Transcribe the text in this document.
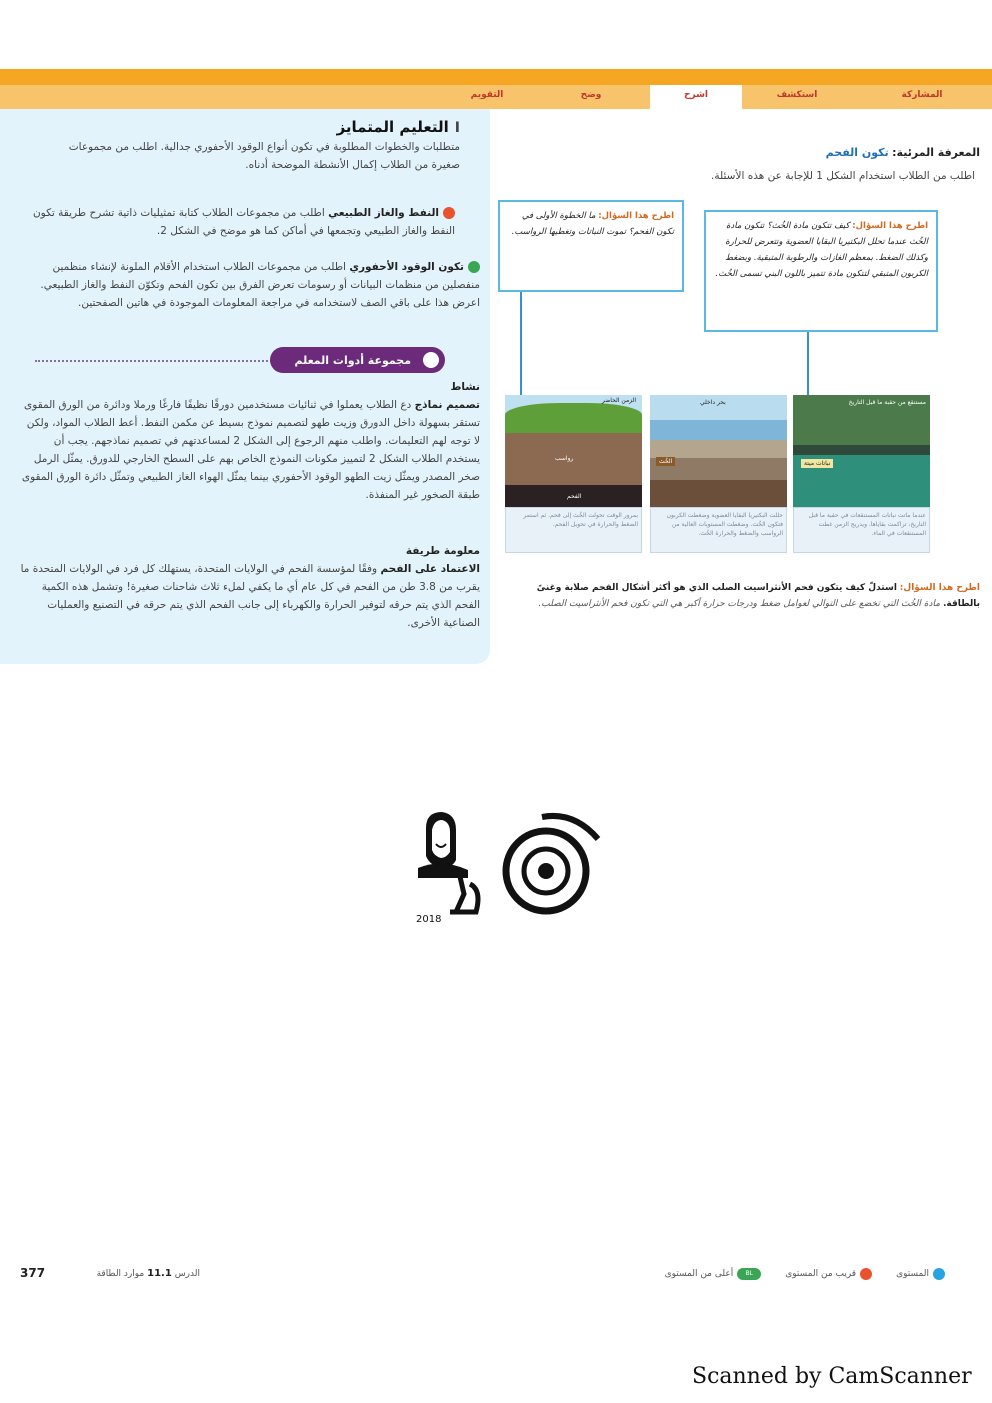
المشاركة
استكشف
اشرح
وضح
التقويم
Iالتعليم المتمايز
متطلبات والخطوات المطلوبة في تكون أنواع الوقود الأحفوري جدالية. اطلب من مجموعات صغيرة من الطلاب إكمال الأنشطة الموضحة أدناه.
النفط والغاز الطبيعي اطلب من مجموعات الطلاب كتابة تمثيليات ذاتية تشرح طريقة تكون النفط والغاز الطبيعي وتجمعها في أماكن كما هو موضح في الشكل 2.
تكون الوقود الأحفوري اطلب من مجموعات الطلاب استخدام الأقلام الملونة لإنشاء منظمين منفصلين من منظمات البيانات أو رسومات تعرض الفرق بين تكون الفحم وتكوّن النفط والغاز الطبيعي. اعرض هذا على باقي الصف لاستخدامه في مراجعة المعلومات الموجودة في هاتين الصفحتين.
مجموعة أدوات المعلم
نشاط
تصميم نماذج دع الطلاب يعملوا في ثنائيات مستخدمين دورقًا نظيفًا فارغًا ورملا ودائرة من الورق المقوى تستقر بسهولة داخل الدورق وزيت طهو لتصميم نموذج بسيط عن مكمن النفط. أعط الطلاب المواد، ولكن لا توجه لهم التعليمات. واطلب منهم الرجوع إلى الشكل 2 لمساعدتهم في تصميم نماذجهم. يجب أن يستخدم الطلاب الشكل 2 لتمييز مكونات النموذج الخاص بهم على السطح الخارجي للدورق. يمثّل الرمل صخر المصدر ويمثّل زيت الطهو الوقود الأحفوري بينما يمثّل الهواء الغاز الطبيعي وتمثّل دائرة الورق المقوى طبقة الصخور غير المنفذة.
معلومة طريفة
الاعتماد على الفحم وفقًا لمؤسسة الفحم في الولايات المتحدة، يستهلك كل فرد في الولايات المتحدة ما يقرب من 3.8 طن من الفحم في كل عام أي ما يكفي لملء ثلاث شاحنات صغيرة! وتشمل هذه الكمية الفحم الذي يتم حرقه لتوفير الحرارة والكهرباء إلى جانب الفحم الذي يتم حرقه في التصنيع والعمليات الصناعية الأخرى.
المعرفة المرئية: تكون الفحم
اطلب من الطلاب استخدام الشكل 1 للإجابة عن هذه الأسئلة.
اطرح هذا السؤال: ما الخطوة الأولى في تكون الفحم؟ تموت النباتات وتغطيها الرواسب.
اطرح هذا السؤال: كيف تتكون مادة الخُث؟ تتكون مادة الخُث عندما تحلل البكتيريا البقايا العضوية وتتعرض للحرارة وكذلك الضغط. بمعظم الغازات والرطوبة المتبقية. وبضغط الكربون المتبقي لتتكون مادة تتميز باللون البني تسمى الخُث.
الزمن الحاضر
رواسب
الفحم
بمرور الوقت تحولت الخُث إلى فحم. ثم استمر الضغط والحرارة في تحويل الفحم.
بحر داخلي
الخُث
حللت البكتيريا البقايا العضوية وضغطت الكربون فتكون الخُث. وضغطت المستويات العالية من الرواسب والضغط والحرارة الخُث.
مستنقع من حقبة ما قبل التاريخ
نباتات ميتة
عندما ماتت نباتات المستنقعات في حقبة ما قبل التاريخ، تراكمت بقاياها. ويدريج الزمن غطت المستنقعات في الماء.
اطرح هذا السؤال: استدلّ كيف يتكون فحم الأنثراسيت الصلب الذي هو أكثر أشكال الفحم صلابة وغنىً بالطاقة. مادة الخُث التي تخضع على التوالي لعوامل ضغط ودرجات حرارة أكبر هي التي تكون فحم الأنثراسيت الصلب.
2018
المستوى
قريب من المستوى
BL
أعلى من المستوى
الدرس 11.1 موارد الطاقة
377
Scanned by CamScanner
